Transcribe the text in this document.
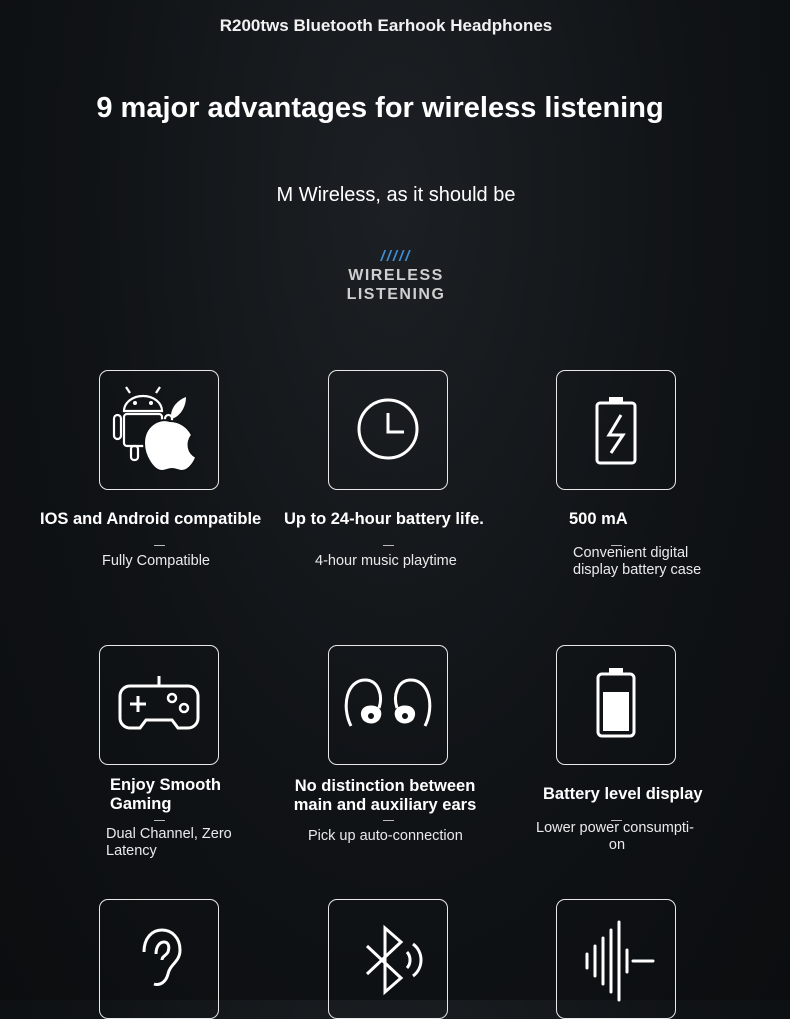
R200tws Bluetooth Earhook Headphones
9 major advantages for wireless listening
M Wireless, as it should be
/////
WIRELESS
LISTENING
IOS and Android compatible
Fully Compatible
Up to 24-hour battery life.
4-hour music playtime
500 mA
Convenient digital
display battery case
Enjoy Smooth
Gaming
Dual Channel, Zero
Latency
No distinction between
main and auxiliary ears
Pick up auto-connection
Battery level display
Lower power consumpti-
on
